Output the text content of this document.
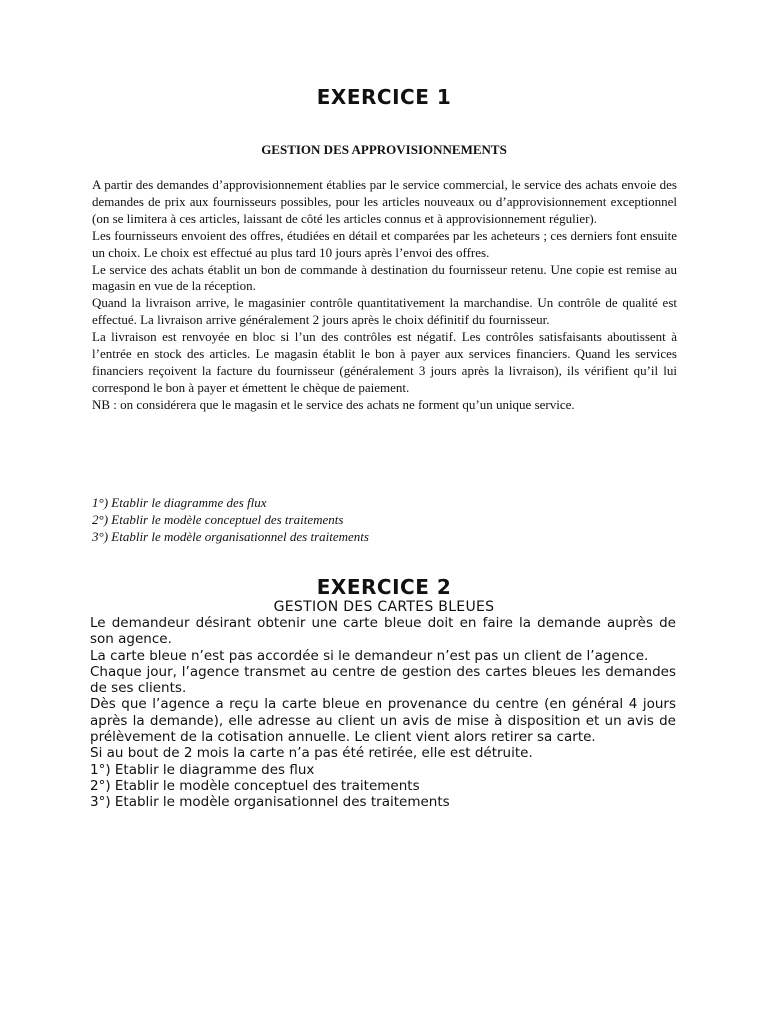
EXERCICE 1
GESTION DES APPROVISIONNEMENTS

A partir des demandes d’approvisionnement établies par le service commercial, le service des achats envoie des demandes de prix aux fournisseurs possibles, pour les articles nouveaux ou d’approvisionnement exceptionnel (on se limitera à ces articles, laissant de côté les articles connus et à approvisionnement régulier).

Les fournisseurs envoient des offres, étudiées en détail et comparées par les acheteurs ; ces derniers font ensuite un choix. Le choix est effectué au plus tard 10 jours après l’envoi des offres.

Le service des achats établit un bon de commande à destination du fournisseur retenu. Une copie est remise au magasin en vue de la réception.

Quand la livraison arrive, le magasinier contrôle quantitativement la marchandise. Un contrôle de qualité est effectué. La livraison arrive généralement 2 jours après le choix définitif du fournisseur.

La livraison est renvoyée en bloc si l’un des contrôles est négatif. Les contrôles satisfaisants aboutissent à l’entrée en stock des articles. Le magasin établit le bon à payer aux services financiers. Quand les services financiers reçoivent la facture du fournisseur (généralement 3 jours après la livraison), ils vérifient qu’il lui correspond le bon à payer et émettent le chèque de paiement.

NB : on considérera que le magasin et le service des achats ne forment qu’un unique service.

1°) Etablir le diagramme des flux
2°) Etablir le modèle conceptuel des traitements
3°) Etablir le modèle organisationnel des traitements
EXERCICE 2
GESTION DES CARTES BLEUES

Le demandeur désirant obtenir une carte bleue doit en faire la demande auprès de son agence.

La carte bleue n’est pas accordée si le demandeur n’est pas un client de l’agence.

Chaque jour, l’agence transmet au centre de gestion des cartes bleues les demandes de ses clients.

Dès que l’agence a reçu la carte bleue en provenance du centre (en général 4 jours après la demande), elle adresse au client un avis de mise à disposition et un avis de prélèvement de la cotisation annuelle. Le client vient alors retirer sa carte.

Si au bout de 2 mois la carte n’a pas été retirée, elle est détruite.

1°) Etablir le diagramme des flux

2°) Etablir le modèle conceptuel des traitements

3°) Etablir le modèle organisationnel des traitements
